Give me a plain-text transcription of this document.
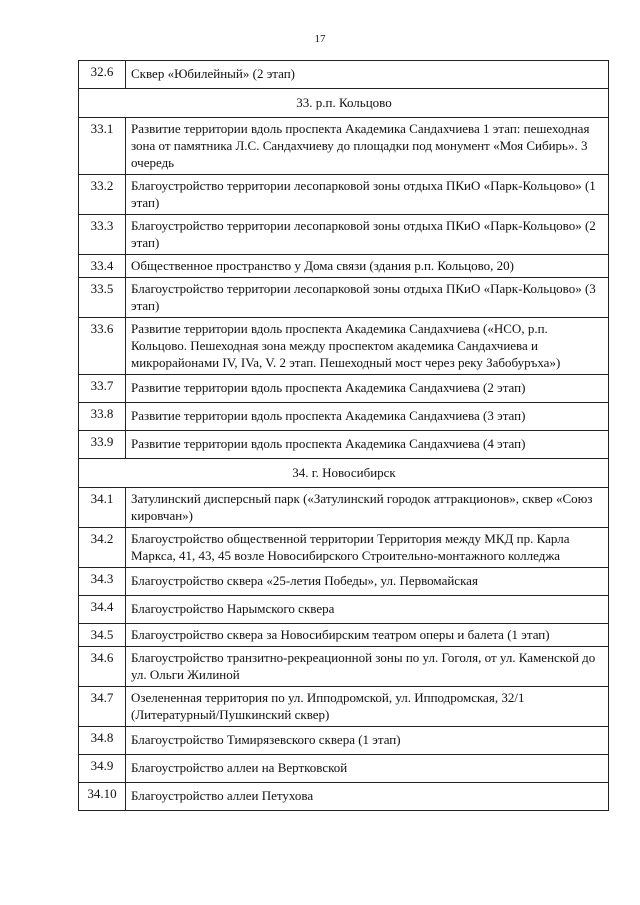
17
32.6	Сквер «Юбилейный» (2 этап)
33. р.п. Кольцово	
33.1	Развитие территории вдоль проспекта Академика Сандахчиева 1 этап: пешеходная зона от памятника Л.С. Сандахчиеву до площадки под монумент «Моя Сибирь». 3 очередь
33.2	Благоустройство территории лесопарковой зоны отдыха ПКиО «Парк-Кольцово» (1 этап)
33.3	Благоустройство территории лесопарковой зоны отдыха ПКиО «Парк-Кольцово» (2 этап)
33.4	Общественное пространство у Дома связи (здания р.п. Кольцово, 20)
33.5	Благоустройство территории лесопарковой зоны отдыха ПКиО «Парк-Кольцово» (3 этап)
33.6	Развитие территории вдоль проспекта Академика Сандахчиева («НСО, р.п. Кольцово. Пешеходная зона между проспектом академика Сандахчиева и микрорайонами IV, IVa, V. 2 этап. Пешеходный мост через реку Забобуръха»)
33.7	Развитие территории вдоль проспекта Академика Сандахчиева (2 этап)
33.8	Развитие территории вдоль проспекта Академика Сандахчиева (3 этап)
33.9	Развитие территории вдоль проспекта Академика Сандахчиева (4 этап)
34. г. Новосибирск	
34.1	Затулинский дисперсный парк («Затулинский городок аттракционов», сквер «Союз кировчан»)
34.2	Благоустройство общественной территории Территория между МКД пр. Карла Маркса, 41, 43, 45 возле Новосибирского Строительно-монтажного колледжа
34.3	Благоустройство сквера «25-летия Победы», ул. Первомайская
34.4	Благоустройство Нарымского сквера
34.5	Благоустройство сквера за Новосибирским театром оперы и балета (1 этап)
34.6	Благоустройство транзитно-рекреационной зоны по ул. Гоголя, от ул. Каменской до ул. Ольги Жилиной
34.7	Озелененная территория по ул. Ипподромской, ул. Ипподромская, 32/1 (Литературный/Пушкинский сквер)
34.8	Благоустройство Тимирязевского сквера (1 этап)
34.9	Благоустройство аллеи на Вертковской
34.10	Благоустройство аллеи Петухова
